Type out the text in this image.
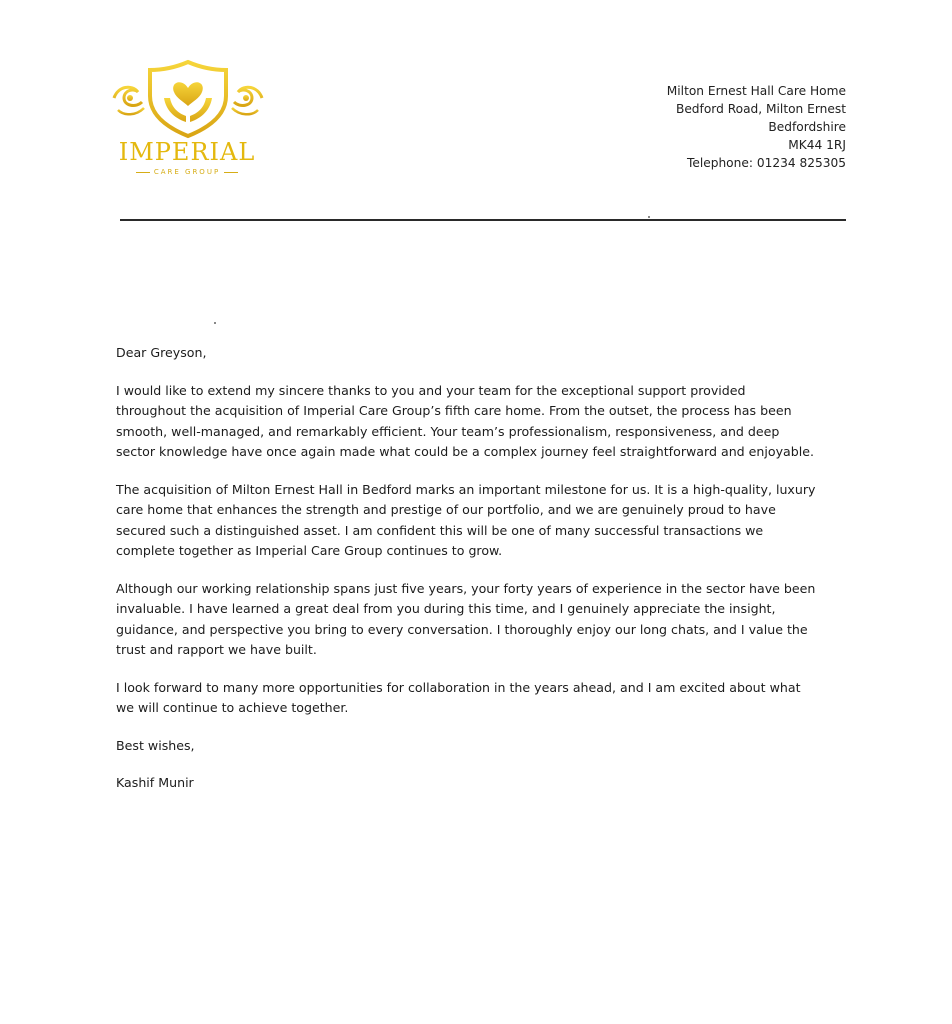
IMPERIAL
CARE GROUP
Milton Ernest Hall Care Home
Bedford Road, Milton Ernest
Bedfordshire
MK44 1RJ
Telephone: 01234 825305

Dear Greyson,

I would like to extend my sincere thanks to you and your team for the exceptional support provided
throughout the acquisition of Imperial Care Group’s fifth care home. From the outset, the process has been
smooth, well-managed, and remarkably efficient. Your team’s professionalism, responsiveness, and deep
sector knowledge have once again made what could be a complex journey feel straightforward and enjoyable.

The acquisition of Milton Ernest Hall in Bedford marks an important milestone for us. It is a high-quality, luxury
care home that enhances the strength and prestige of our portfolio, and we are genuinely proud to have
secured such a distinguished asset. I am confident this will be one of many successful transactions we
complete together as Imperial Care Group continues to grow.

Although our working relationship spans just five years, your forty years of experience in the sector have been
invaluable. I have learned a great deal from you during this time, and I genuinely appreciate the insight,
guidance, and perspective you bring to every conversation. I thoroughly enjoy our long chats, and I value the
trust and rapport we have built.

I look forward to many more opportunities for collaboration in the years ahead, and I am excited about what
we will continue to achieve together.

Best wishes,

Kashif Munir
